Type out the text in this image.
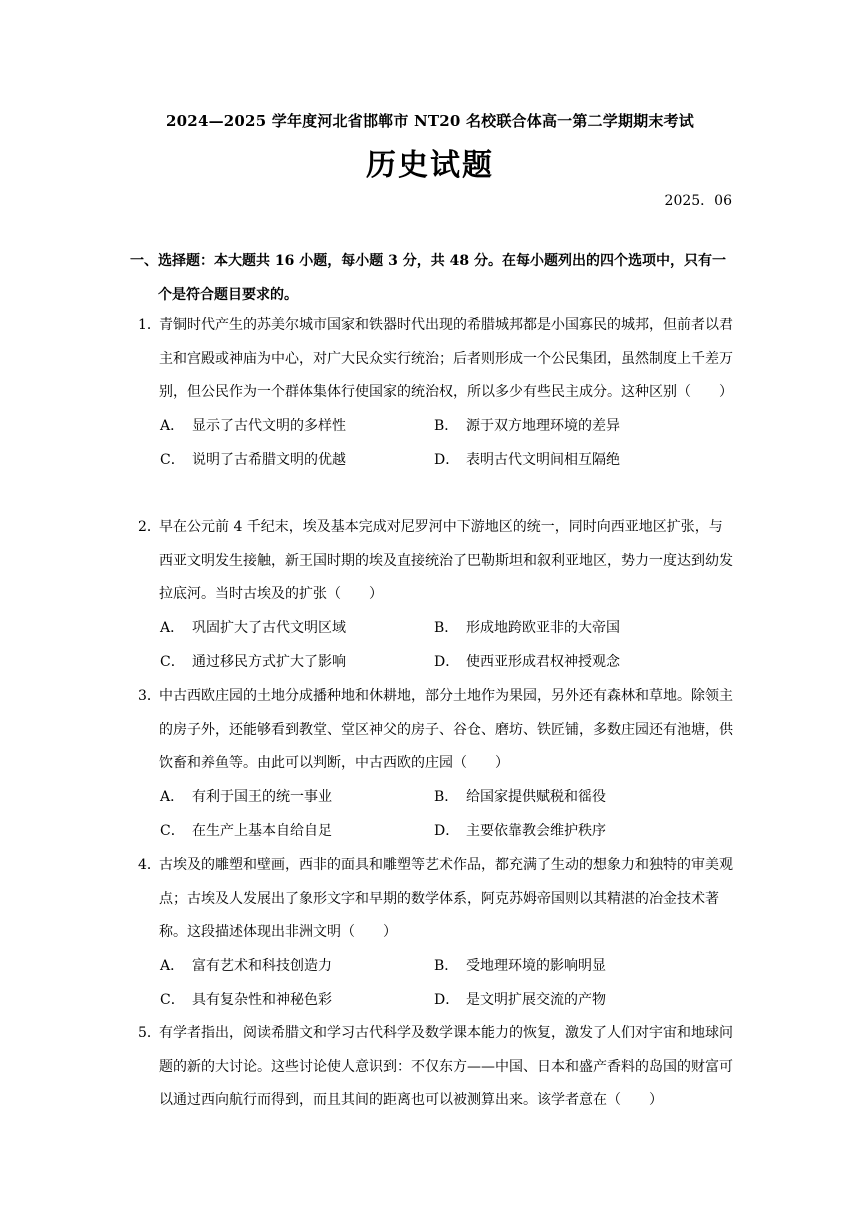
2024—2025 学年度河北省邯郸市 NT20 名校联合体高一第二学期期末考试
历史试题
2025．06
一、选择题：本大题共 16 小题，每小题 3 分，共 48 分。在每小题列出的四个选项中，只有一
个是符合题目要求的。
1．青铜时代产生的苏美尔城市国家和铁器时代出现的希腊城邦都是小国寡民的城邦，但前者以君主和宫殿或神庙为中心，对广大民众实行统治；后者则形成一个公民集团，虽然制度上千差万别，但公民作为一个群体集体行使国家的统治权，所以多少有些民主成分。这种区别（　　）
A． 显示了古代文明的多样性	B． 源于双方地理环境的差异
C． 说明了古希腊文明的优越	D． 表明古代文明间相互隔绝
2．早在公元前 4 千纪末，埃及基本完成对尼罗河中下游地区的统一，同时向西亚地区扩张，与西亚文明发生接触，新王国时期的埃及直接统治了巴勒斯坦和叙利亚地区，势力一度达到幼发拉底河。当时古埃及的扩张（　　）
A． 巩固扩大了古代文明区域	B． 形成地跨欧亚非的大帝国
C． 通过移民方式扩大了影响	D． 使西亚形成君权神授观念
3．中古西欧庄园的土地分成播种地和休耕地，部分土地作为果园，另外还有森林和草地。除领主的房子外，还能够看到教堂、堂区神父的房子、谷仓、磨坊、铁匠铺，多数庄园还有池塘，供饮畜和养鱼等。由此可以判断，中古西欧的庄园（　　）
A． 有利于国王的统一事业	B． 给国家提供赋税和徭役
C． 在生产上基本自给自足	D． 主要依靠教会维护秩序
4．古埃及的雕塑和壁画，西非的面具和雕塑等艺术作品，都充满了生动的想象力和独特的审美观点；古埃及人发展出了象形文字和早期的数学体系，阿克苏姆帝国则以其精湛的冶金技术著称。这段描述体现出非洲文明（　　）
A． 富有艺术和科技创造力	B． 受地理环境的影响明显
C． 具有复杂性和神秘色彩	D． 是文明扩展交流的产物
5．有学者指出，阅读希腊文和学习古代科学及数学课本能力的恢复，激发了人们对宇宙和地球问题的新的大讨论。这些讨论使人意识到：不仅东方——中国、日本和盛产香料的岛国的财富可以通过西向航行而得到，而且其间的距离也可以被测算出来。该学者意在（　　）
